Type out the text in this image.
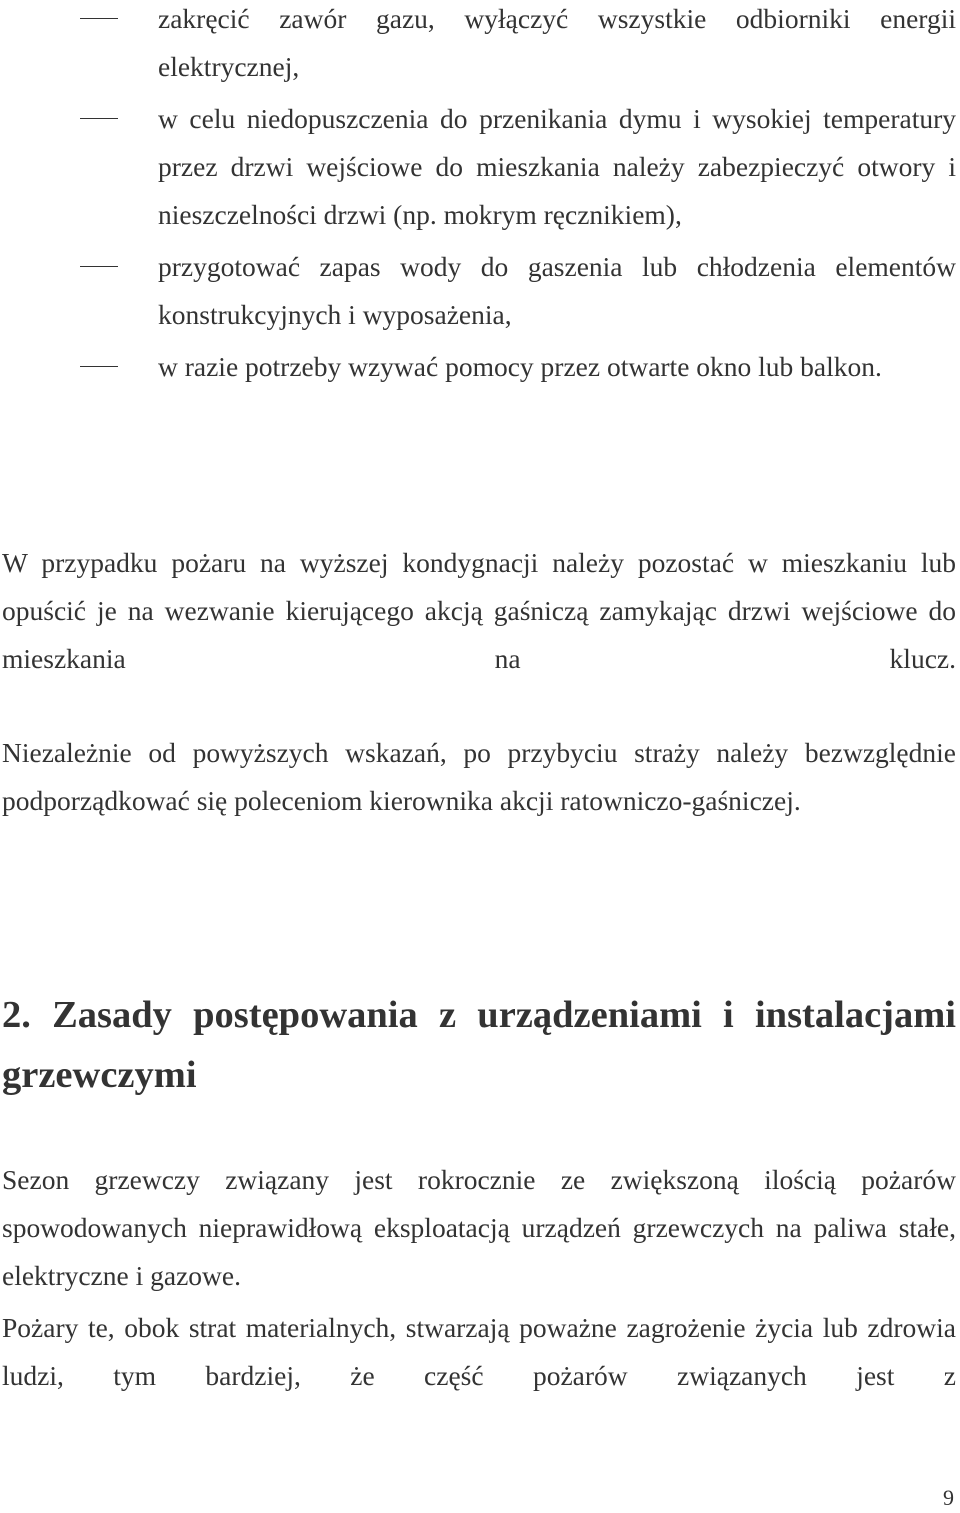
zakręcić zawór gazu, wyłączyć wszystkie odbiorniki energii elektrycznej,
w celu niedopuszczenia do przenikania dymu i wysokiej temperatury przez drzwi wejściowe do mieszkania należy zabezpieczyć otwory i nieszczelności drzwi (np. mokrym ręcznikiem),
przygotować zapas wody do gaszenia lub chłodzenia elementów konstrukcyjnych i wyposażenia,
w razie potrzeby wzywać pomocy przez otwarte okno lub balkon.

W przypadku pożaru na wyższej kondygnacji należy pozostać w mieszkaniu lub opuścić je na wezwanie kierującego akcją gaśniczą zamykając drzwi wejściowe do mieszkania na klucz.

Niezależnie od powyższych wskazań, po przybyciu straży należy bezwzględnie podporządkować się poleceniom kierownika akcji ratowniczo-gaśniczej.

2. Zasady postępowania z urządzeniami i instalacjami grzewczymi

Sezon grzewczy związany jest rokrocznie ze zwiększoną ilością pożarów spowodowanych nieprawidłową eksploatacją urządzeń grzewczych na paliwa stałe, elektryczne i gazowe.

Pożary te, obok strat materialnych, stwarzają poważne zagrożenie życia lub zdrowia ludzi, tym bardziej, że część pożarów związanych jest z

9
